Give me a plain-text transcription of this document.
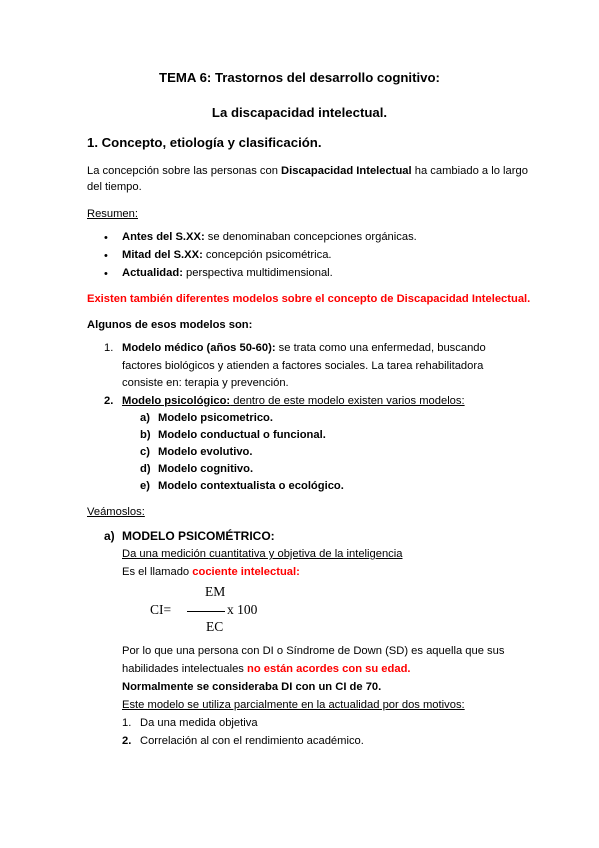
TEMA 6: Trastornos del desarrollo cognitivo:
La discapacidad intelectual.
1. Concepto, etiología y clasificación.
La concepción sobre las personas con Discapacidad Intelectual ha cambiado a lo largo
del tiempo.
Resumen:
• Antes del S.XX: se denominaban concepciones orgánicas.
• Mitad del S.XX: concepción psicométrica.
• Actualidad: perspectiva multidimensional.
Existen también diferentes modelos sobre el concepto de Discapacidad Intelectual.
Algunos de esos modelos son:
1. Modelo médico (años 50-60): se trata como una enfermedad, buscando
factores biológicos y atienden a factores sociales. La tarea rehabilitadora
consiste en: terapia y prevención.
2. Modelo psicológico: dentro de este modelo existen varios modelos:
a) Modelo psicometrico.
b) Modelo conductual o funcional.
c) Modelo evolutivo.
d) Modelo cognitivo.
e) Modelo contextualista o ecológico.
Veámoslos:
a) MODELO PSICOMÉTRICO:
Da una medición cuantitativa y objetiva de la inteligencia
Es el llamado cociente intelectual:
CI=
EM
EC
x 100
Por lo que una persona con DI o Síndrome de Down (SD) es aquella que sus
habilidades intelectuales no están acordes con su edad.
Normalmente se consideraba DI con un CI de 70.
Este modelo se utiliza parcialmente en la actualidad por dos motivos:
1. Da una medida objetiva
2. Correlación al con el rendimiento académico.
